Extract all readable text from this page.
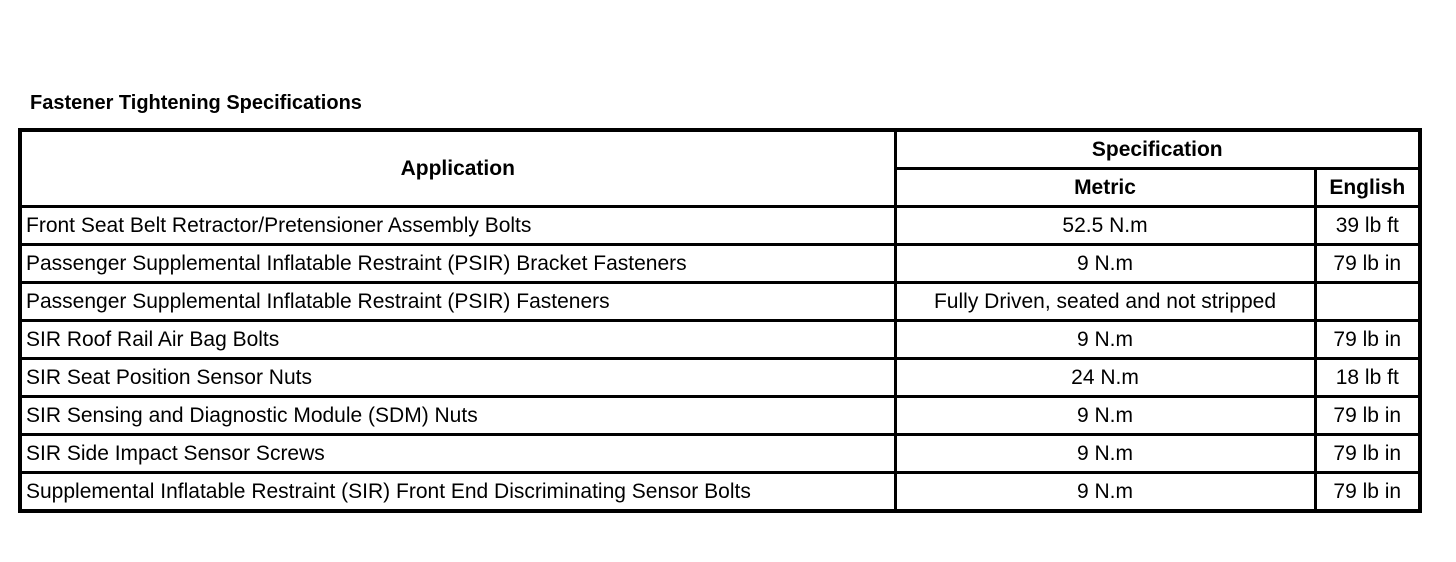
Fastener Tightening Specifications
Application	Specification	
	Metric	English
Front Seat Belt Retractor/Pretensioner Assembly Bolts	52.5 N.m	39 lb ft
Passenger Supplemental Inflatable Restraint (PSIR) Bracket Fasteners	9 N.m	79 lb in
Passenger Supplemental Inflatable Restraint (PSIR) Fasteners	Fully Driven, seated and not stripped	
SIR Roof Rail Air Bag Bolts	9 N.m	79 lb in
SIR Seat Position Sensor Nuts	24 N.m	18 lb ft
SIR Sensing and Diagnostic Module (SDM) Nuts	9 N.m	79 lb in
SIR Side Impact Sensor Screws	9 N.m	79 lb in
Supplemental Inflatable Restraint (SIR) Front End Discriminating Sensor Bolts	9 N.m	79 lb in
